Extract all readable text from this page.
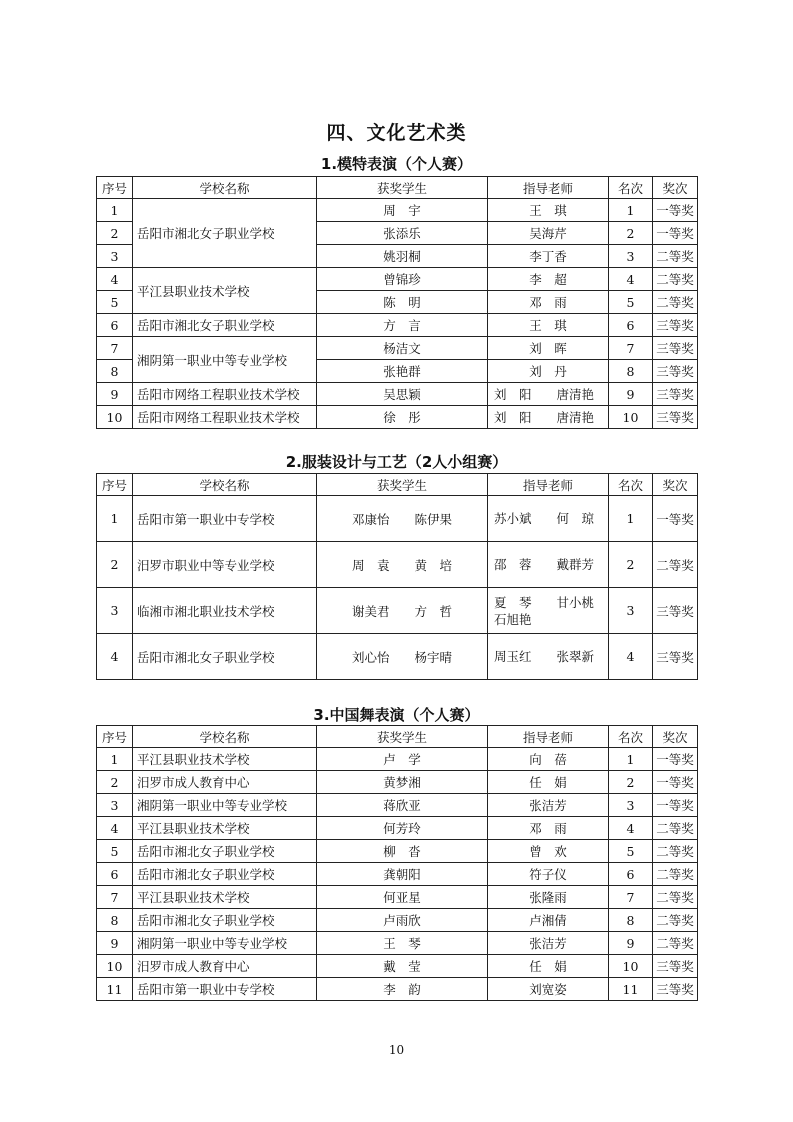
四、文化艺术类
1.模特表演（个人赛）
序号	学校名称	获奖学生	指导老师	名次	奖次
1	岳阳市湘北女子职业学校	周　宇	王　琪	1	一等奖
2		张添乐	吴海芹	2	一等奖
3		姚羽桐	李丁香	3	二等奖
4	平江县职业技术学校	曾锦珍	李　超	4	二等奖
5		陈　明	邓　雨	5	二等奖
6	岳阳市湘北女子职业学校	方　言	王　琪	6	三等奖
7	湘阴第一职业中等专业学校	杨洁文	刘　晖	7	三等奖
8		张艳群	刘　丹	8	三等奖
9	岳阳市网络工程职业技术学校	吴思颖	刘　阳　　唐清艳	9	三等奖
10	岳阳市网络工程职业技术学校	徐　彤	刘　阳　　唐清艳	10	三等奖
2.服装设计与工艺（2人小组赛）
序号	学校名称	获奖学生	指导老师	名次	奖次
1	岳阳市第一职业中专学校	邓康怡　　陈伊果	苏小斌　　何　琼	1	一等奖
2	汨罗市职业中等专业学校	周　袁　　黄　培	邵　蓉　　戴群芳	2	二等奖
3	临湘市湘北职业技术学校	谢美君　　方　哲	夏　琴　　甘小桃 石旭艳	3	三等奖
4	岳阳市湘北女子职业学校	刘心怡　　杨宇晴	周玉红　　张翠新	4	三等奖
3.中国舞表演（个人赛）
序号	学校名称	获奖学生	指导老师	名次	奖次
1	平江县职业技术学校	卢　学	向　蓓	1	一等奖
2	汨罗市成人教育中心	黄梦湘	任　娟	2	一等奖
3	湘阴第一职业中等专业学校	蒋欣亚	张洁芳	3	一等奖
4	平江县职业技术学校	何芳玲	邓　雨	4	二等奖
5	岳阳市湘北女子职业学校	柳　沓	曾　欢	5	二等奖
6	岳阳市湘北女子职业学校	龚朝阳	符子仪	6	二等奖
7	平江县职业技术学校	何亚星	张隆雨	7	二等奖
8	岳阳市湘北女子职业学校	卢雨欣	卢湘倩	8	二等奖
9	湘阴第一职业中等专业学校	王　琴	张洁芳	9	二等奖
10	汨罗市成人教育中心	戴　莹	任　娟	10	三等奖
11	岳阳市第一职业中专学校	李　韵	刘宽姿	11	三等奖
10
